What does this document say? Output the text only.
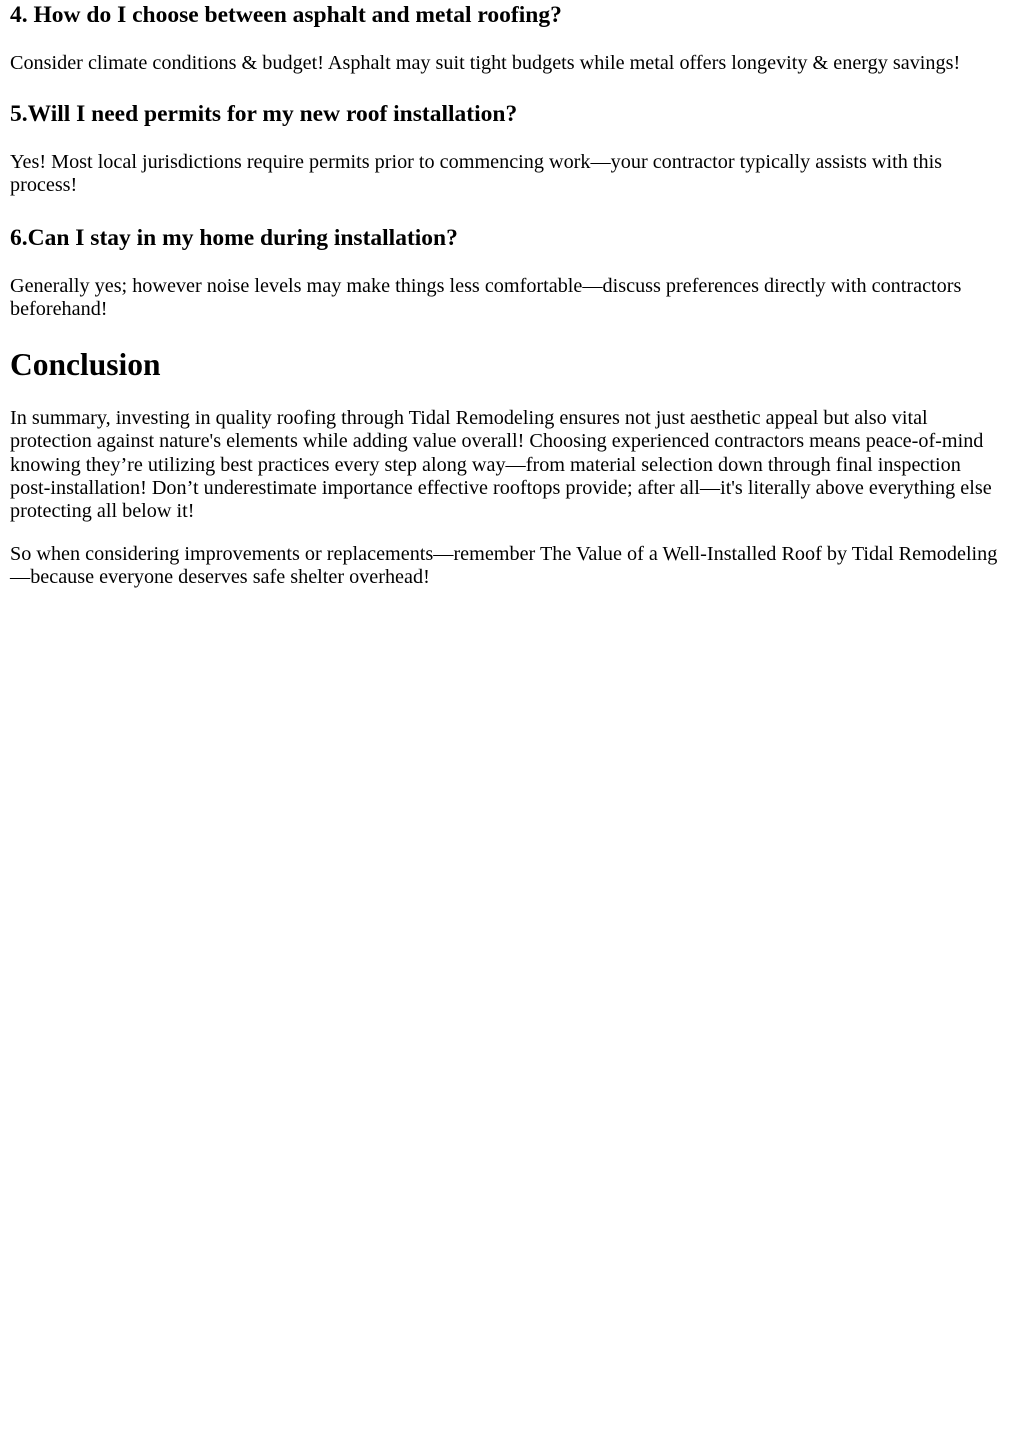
4. How do I choose between asphalt and metal roofing?

Consider climate conditions & budget! Asphalt may suit tight budgets while metal offers longevity & energy savings!

5.Will I need permits for my new roof installation?

Yes! Most local jurisdictions require permits prior to commencing work—your contractor typically assists with this process!

6.Can I stay in my home during installation?

Generally yes; however noise levels may make things less comfortable—discuss preferences directly with contractors beforehand!

Conclusion

In summary, investing in quality roofing through Tidal Remodeling ensures not just aesthetic appeal but also vital protection against nature's elements while adding value overall! Choosing experienced contractors means peace-of-mind knowing they’re utilizing best practices every step along way—from material selection down through final inspection post-installation! Don’t underestimate importance effective rooftops provide; after all—it's literally above everything else protecting all below it!

So when considering improvements or replacements—remember The Value of a Well-Installed Roof by Tidal Remodeling—because everyone deserves safe shelter overhead!
